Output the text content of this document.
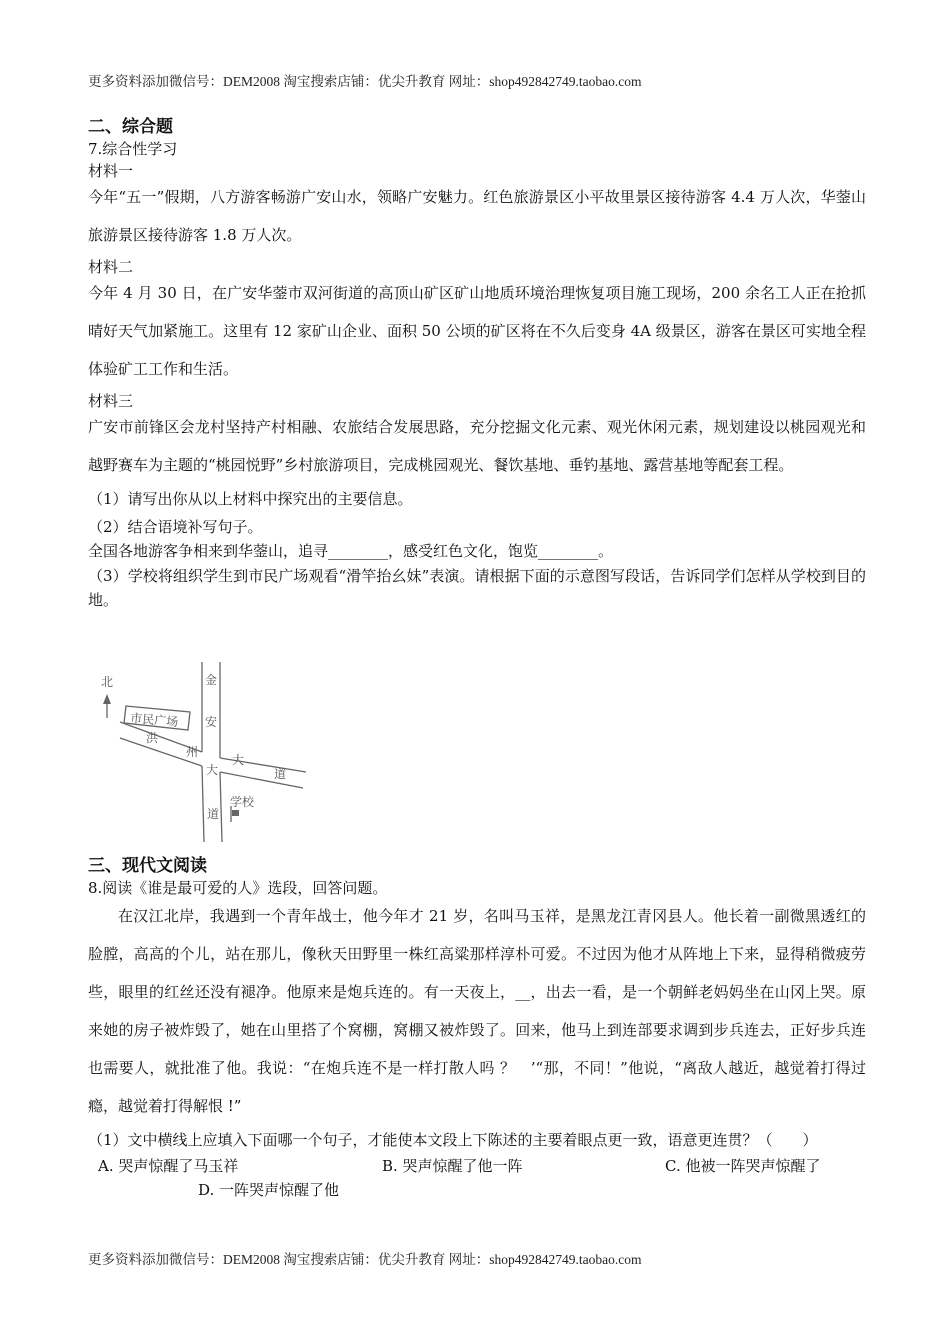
更多资料添加微信号：DEM2008 淘宝搜索店铺：优尖升教育 网址：shop492842749.taobao.com

二、综合题

7.综合性学习

材料一

今年“五一”假期，八方游客畅游广安山水，领略广安魅力。红色旅游景区小平故里景区接待游客 4.4 万人次，华蓥山旅游景区接待游客 1.8 万人次。

材料二

今年 4 月 30 日，在广安华蓥市双河街道的高顶山矿区矿山地质环境治理恢复项目施工现场，200 余名工人正在抢抓晴好天气加紧施工。这里有 12 家矿山企业、面积 50 公顷的矿区将在不久后变身 4A 级景区，游客在景区可实地全程体验矿工工作和生活。

材料三

广安市前锋区会龙村坚持产村相融、农旅结合发展思路，充分挖掘文化元素、观光休闲元素，规划建设以桃园观光和越野赛车为主题的“桃园悦野”乡村旅游项目，完成桃园观光、餐饮基地、垂钓基地、露营基地等配套工程。

（1）请写出你从以上材料中探究出的主要信息。

（2）结合语境补写句子。

全国各地游客争相来到华蓥山，追寻________，感受红色文化，饱览________。

（3）学校将组织学生到市民广场观看“滑竿抬幺妹”表演。请根据下面的示意图写段话，告诉同学们怎样从学校到目的地。

北
市民广场
金
安
大
道
洪
州
大
道
学校

三、现代文阅读

8.阅读《谁是最可爱的人》选段，回答问题。

在汉江北岸，我遇到一个青年战士，他今年才 21 岁，名叫马玉祥，是黑龙江青冈县人。他长着一副微黑透红的脸膛，高高的个儿，站在那儿，像秋天田野里一株红高粱那样淳朴可爱。不过因为他才从阵地上下来，显得稍微疲劳些，眼里的红丝还没有褪净。他原来是炮兵连的。有一天夜上，__，出去一看，是一个朝鲜老妈妈坐在山冈上哭。原来她的房子被炸毁了，她在山里搭了个窝棚，窝棚又被炸毁了。回来，他马上到连部要求调到步兵连去，正好步兵连也需要人，就批准了他。我说：“在炮兵连不是一样打散人吗 ？　’“那，不同！”他说，“离敌人越近，越觉着打得过瘾，越觉着打得解恨 !”

（1）文中横线上应填入下面哪一个句子，才能使本文段上下陈述的主要着眼点更一致，语意更连贯？（　　）

A. 哭声惊醒了马玉祥	B. 哭声惊醒了他一阵	C. 他被一阵哭声惊醒了
D. 一阵哭声惊醒了他
更多资料添加微信号：DEM2008 淘宝搜索店铺：优尖升教育 网址：shop492842749.taobao.com
